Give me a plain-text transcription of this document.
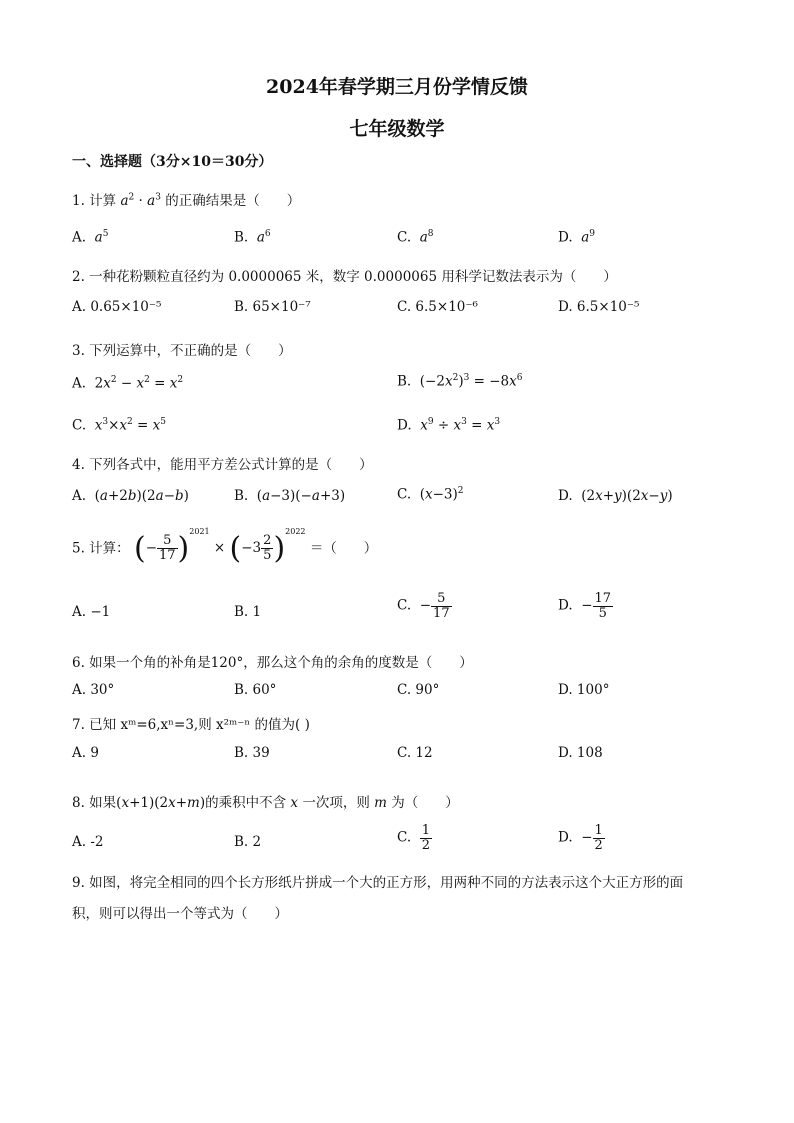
2024年春学期三月份学情反馈
七年级数学
一、选择题（3分×10＝30分）
1. 计算 $a^2 \cdot a^3$ 的正确结果是（　　）
A. $a^5$	B. $a^6$	C. $a^8$	D. $a^9$
2. 一种花粉颗粒直径约为 0.0000065 米，数字 0.0000065 用科学记数法表示为（　　）
A. 0.65×10⁻⁵	B. 65×10⁻⁷	C. 6.5×10⁻⁶	D. 6.5×10⁻⁵
3. 下列运算中，不正确的是（　　）
A.  $2x^2 - x^2 = x^2$	B.  $(-2x^2)^3 = -8x^6$
C.  $x^3\times x^2 = x^5$	D.  $x^9 \div x^3 = x^3$
4. 下列各式中，能用平方差公式计算的是（　　）
A.  (a+2b)(2a−b)	B.  (a−3)(−a+3)	C.  $(x-3)^2$	D.  (2x+y)(2x−y)
5. 计算： (− $\frac{5}{17} )^{2021} \times (-3 \frac{2}{5} )^{2022}$ ＝（　　）
A. −1	B. 1	C.  − $\frac{5}{17}$	D.  − $\frac{17}{5}$
6. 如果一个角的补角是120°，那么这个角的余角的度数是（　　）
A. 30°	B. 60°	C. 90°	D. 100°
7. 已知 xᵐ=6,xⁿ=3,则 x²ᵐ⁻ⁿ 的值为( )
A. 9	B. 39	C. 12	D. 108
8. 如果(x+1)(2x+m)的乘积中不含 x 一次项，则 m 为（　　）
A. -2	B. 2	C. $\frac{1}{2}$	D.  − $\frac{1}{2}$
9. 如图，将完全相同的四个长方形纸片拼成一个大的正方形，用两种不同的方法表示这个大正方形的面
积，则可以得出一个等式为（　　）
